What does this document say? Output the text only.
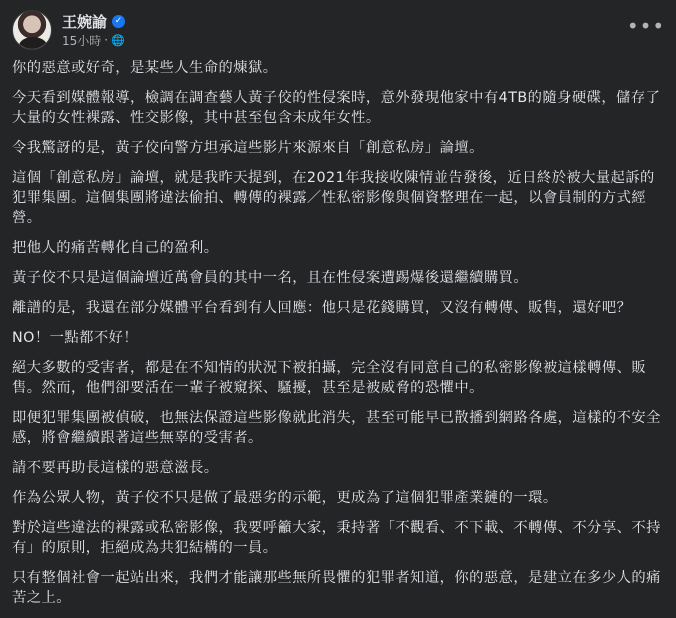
王婉諭 ✓
15小時 · 🌐
•••

你的惡意或好奇，是某些人生命的煉獄。

今天看到媒體報導，檢調在調查藝人黃子佼的性侵案時，意外發現他家中有4TB的隨身硬碟，儲存了大量的女性裸露、性交影像，其中甚至包含未成年女性。

令我驚訝的是，黃子佼向警方坦承這些影片來源來自「創意私房」論壇。

這個「創意私房」論壇，就是我昨天提到，在2021年我接收陳情並告發後，近日終於被大量起訴的犯罪集團。這個集團將違法偷拍、轉傳的裸露／性私密影像與個資整理在一起，以會員制的方式經營。

把他人的痛苦轉化自己的盈利。

黃子佼不只是這個論壇近萬會員的其中一名，且在性侵案遭踢爆後還繼續購買。

離譜的是，我還在部分媒體平台看到有人回應：他只是花錢購買，又沒有轉傳、販售，還好吧？

NO！一點都不好！

絕大多數的受害者，都是在不知情的狀況下被拍攝，完全沒有同意自己的私密影像被這樣轉傳、販售。然而，他們卻要活在一輩子被窺探、騷擾，甚至是被威脅的恐懼中。

即便犯罪集團被偵破，也無法保證這些影像就此消失，甚至可能早已散播到網路各處，這樣的不安全感，將會繼續跟著這些無辜的受害者。

請不要再助長這樣的惡意滋長。

作為公眾人物，黃子佼不只是做了最惡劣的示範，更成為了這個犯罪產業鏈的一環。

對於這些違法的裸露或私密影像，我要呼籲大家，秉持著「不觀看、不下載、不轉傳、不分享、不持有」的原則，拒絕成為共犯結構的一員。

只有整個社會一起站出來，我們才能讓那些無所畏懼的犯罪者知道，你的惡意，是建立在多少人的痛苦之上。
